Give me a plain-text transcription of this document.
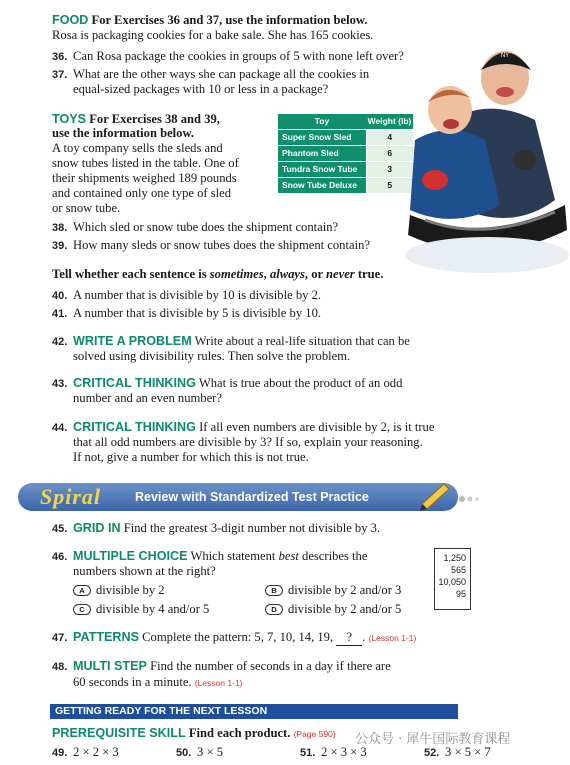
FOOD For Exercises 36 and 37, use the information below.
Rosa is packaging cookies for a bake sale. She has 165 cookies.
36. Can Rosa package the cookies in groups of 5 with none left over?
37. What are the other ways she can package all the cookies in
equal-sized packages with 10 or less in a package?
TOYS For Exercises 38 and 39,
use the information below.
A toy company sells the sleds and
snow tubes listed in the table. One of
their shipments weighed 189 pounds
and contained only one type of sled
or snow tube.
Toy	Weight (lb)
Super Snow Sled	4
Phantom Sled	6
Tundra Snow Tube	3
Snow Tube Deluxe	5
NY
38. Which sled or snow tube does the shipment contain?
39. How many sleds or snow tubes does the shipment contain?
Tell whether each sentence is sometimes, always, or never true.
40. A number that is divisible by 10 is divisible by 2.
41. A number that is divisible by 5 is divisible by 10.
42. WRITE A PROBLEM Write about a real-life situation that can be
solved using divisibility rules. Then solve the problem.
43. CRITICAL THINKING What is true about the product of an odd
number and an even number?
44. CRITICAL THINKING If all even numbers are divisible by 2, is it true
that all odd numbers are divisible by 3? If so, explain your reasoning.
If not, give a number for which this is not true.
Spiral	Review with Standardized Test Practice
45. GRID IN Find the greatest 3-digit number not divisible by 3.
46. MULTIPLE CHOICE Which statement best describes the
numbers shown at the right?
A divisible by 2	B divisible by 2 and/or 3
C divisible by 4 and/or 5	D divisible by 2 and/or 5
1,250
565
10,050
95
47. PATTERNS Complete the pattern: 5, 7, 10, 14, 19, ? . (Lesson 1-1)
48. MULTI STEP Find the number of seconds in a day if there are
60 seconds in a minute. (Lesson 1-1)
GETTING READY FOR THE NEXT LESSON
PREREQUISITE SKILL Find each product. (Page 590)
49. 2 × 2 × 3	50. 3 × 5	51. 2 × 3 × 3	52. 3 × 5 × 7
公众号 · 犀牛国际教育课程
